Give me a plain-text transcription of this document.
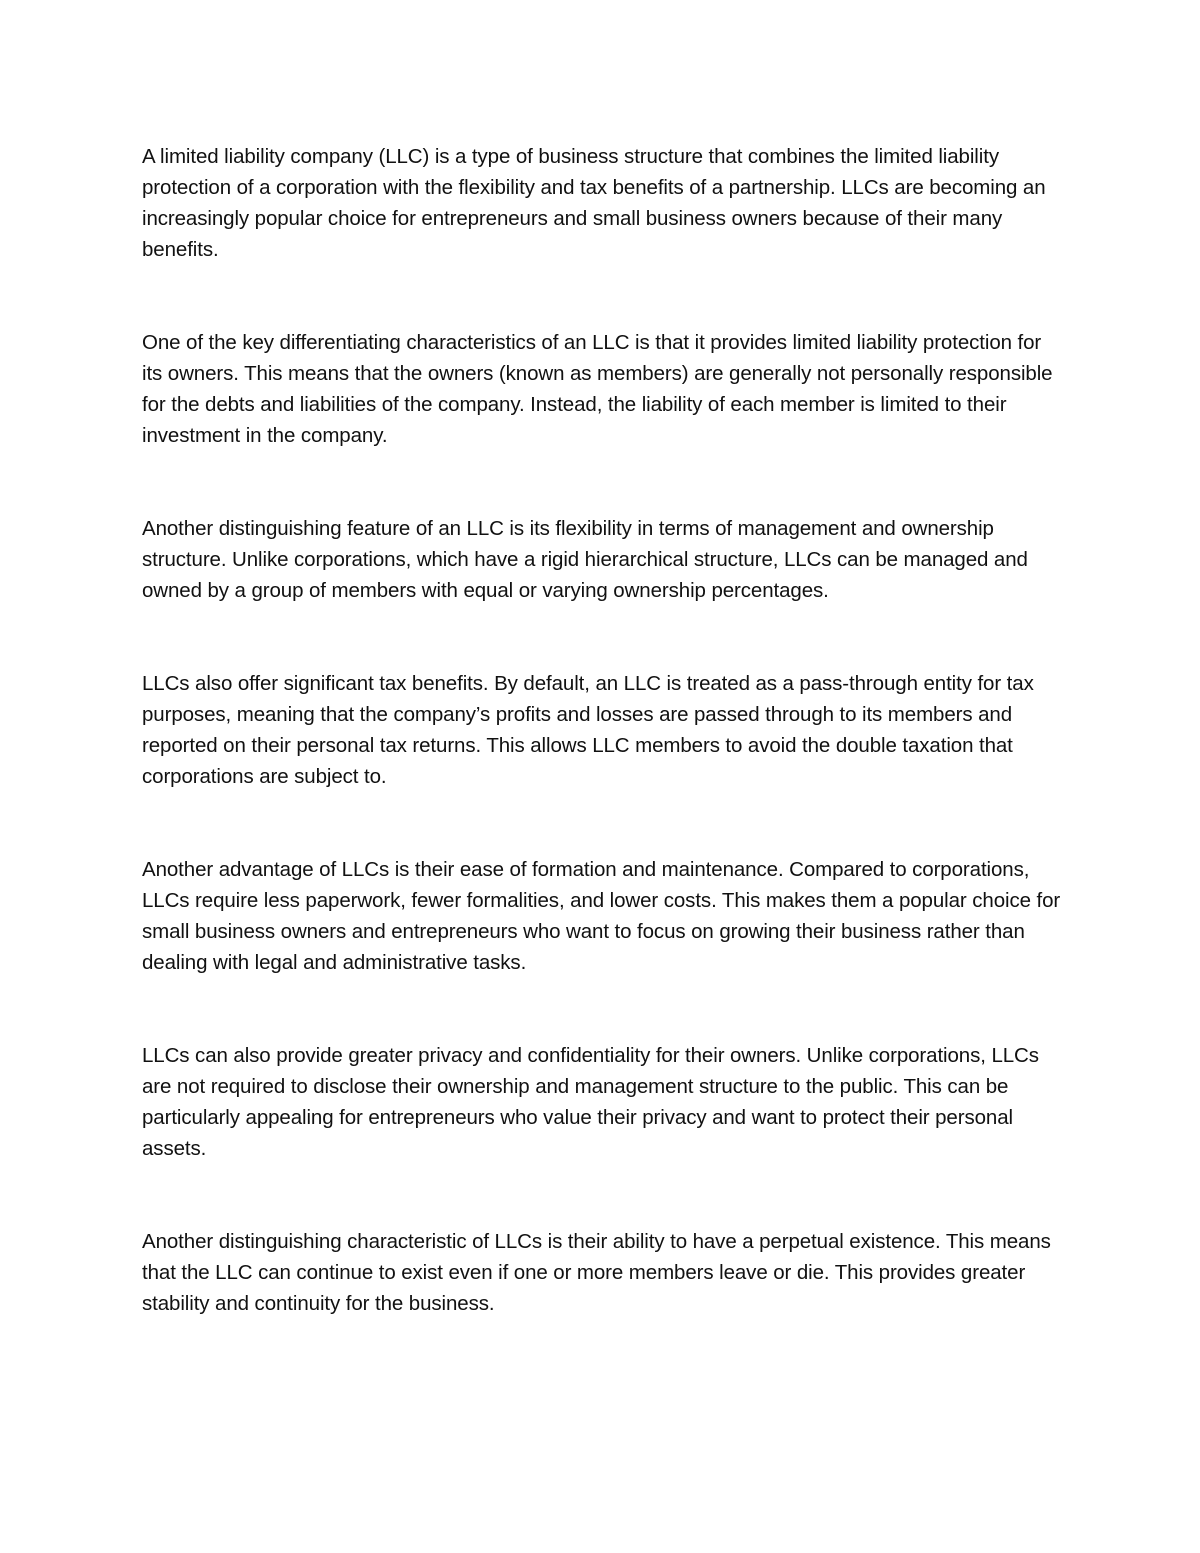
A limited liability company (LLC) is a type of business structure that combines the limited liability protection of a corporation with the flexibility and tax benefits of a partnership. LLCs are becoming an increasingly popular choice for entrepreneurs and small business owners because of their many benefits.

One of the key differentiating characteristics of an LLC is that it provides limited liability protection for its owners. This means that the owners (known as members) are generally not personally responsible for the debts and liabilities of the company. Instead, the liability of each member is limited to their investment in the company.

Another distinguishing feature of an LLC is its flexibility in terms of management and ownership structure. Unlike corporations, which have a rigid hierarchical structure, LLCs can be managed and owned by a group of members with equal or varying ownership percentages.

LLCs also offer significant tax benefits. By default, an LLC is treated as a pass-through entity for tax purposes, meaning that the company’s profits and losses are passed through to its members and reported on their personal tax returns. This allows LLC members to avoid the double taxation that corporations are subject to.

Another advantage of LLCs is their ease of formation and maintenance. Compared to corporations, LLCs require less paperwork, fewer formalities, and lower costs. This makes them a popular choice for small business owners and entrepreneurs who want to focus on growing their business rather than dealing with legal and administrative tasks.

LLCs can also provide greater privacy and confidentiality for their owners. Unlike corporations, LLCs are not required to disclose their ownership and management structure to the public. This can be particularly appealing for entrepreneurs who value their privacy and want to protect their personal assets.

Another distinguishing characteristic of LLCs is their ability to have a perpetual existence. This means that the LLC can continue to exist even if one or more members leave or die. This provides greater stability and continuity for the business.
